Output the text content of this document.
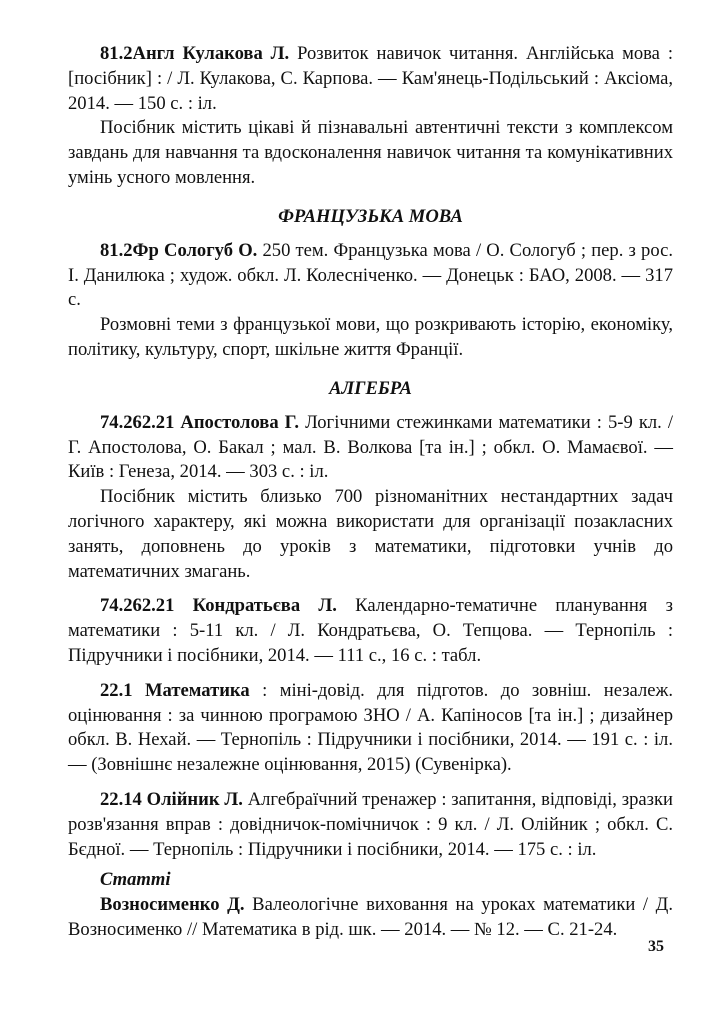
81.2Англ Кулакова Л. Розвиток навичок читання. Англійська мова : [посібник] : / Л. Кулакова, С. Карпова. — Кам'янець-Подільський : Аксіома, 2014. — 150 с. : іл.

Посібник містить цікаві й пізнавальні автентичні тексти з комплексом завдань для навчання та вдосконалення навичок читання та комунікативних умінь усного мовлення.

ФРАНЦУЗЬКА МОВА

81.2Фр Сологуб О. 250 тем. Французька мова / О. Сологуб ; пер. з рос. І. Данилюка ; худож. обкл. Л. Колесніченко. — Донецьк : БАО, 2008. — 317 с.

Розмовні теми з французької мови, що розкривають історію, економіку, політику, культуру, спорт, шкільне життя Франції.

АЛГЕБРА

74.262.21 Апостолова Г. Логічними стежинками математики : 5-9 кл. / Г. Апостолова, О. Бакал ; мал. В. Волкова [та ін.] ; обкл. О. Мамаєвої. — Київ : Генеза, 2014. — 303 с. : іл.

Посібник містить близько 700 різноманітних нестандартних задач логічного характеру, які можна використати для організації позакласних занять, доповнень до уроків з математики, підготовки учнів до математичних змагань.

74.262.21 Кондратьєва Л. Календарно-тематичне планування з математики : 5-11 кл. / Л. Кондратьєва, О. Тепцова. — Тернопіль : Підручники і посібники, 2014. — 111 с., 16 с. : табл.

22.1 Математика : міні-довід. для підготов. до зовніш. незалеж. оцінювання : за чинною програмою ЗНО / А. Капіносов [та ін.] ; дизайнер обкл. В. Нехай. — Тернопіль : Підручники і посібники, 2014. — 191 с. : іл. — (Зовнішнє незалежне оцінювання, 2015) (Сувенірка).

22.14 Олійник Л. Алгебраїчний тренажер : запитання, відповіді, зразки розв'язання вправ : довідничок-помічничок : 9 кл. / Л. Олійник ; обкл. С. Бєдної. — Тернопіль : Підручники і посібники, 2014. — 175 с. : іл.

Статті

Возносименко Д. Валеологічне виховання на уроках математики / Д. Возносименко // Математика в рід. шк. — 2014. — № 12. — С. 21-24.

35
